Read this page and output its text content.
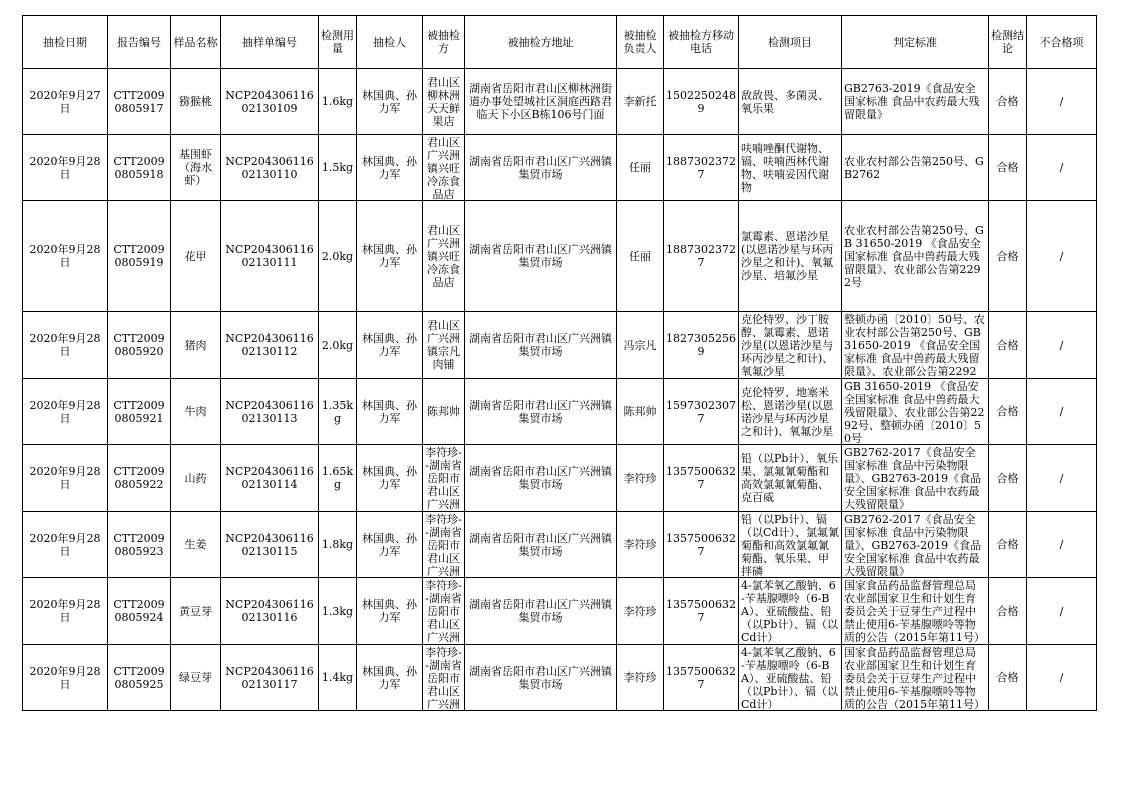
抽检日期	报告编号	样品名称	抽样单编号	检测用量	抽检人	被抽检方	被抽检方地址	被抽检负责人	被抽检方移动电话	检测项目	判定标准	检测结论	不合格项

2020年9月27日	CTT20090805917	猕猴桃	NCP20430611602130109	1.6kg	林国典、孙力军	君山区柳林洲天天鲜果店	湖南省岳阳市君山区柳林洲街道办事处望城社区洞庭西路君临天下小区B栋106号门面	李新托	15022502489	敌敌畏、多菌灵、氧乐果	GB2763-2019《食品安全国家标准 食品中农药最大残留限量》	合格	/

2020年9月28日	CTT20090805918	基围虾（海水虾）	NCP20430611602130110	1.5kg	林国典、孙力军	君山区广兴洲镇兴旺冷冻食品店	湖南省岳阳市君山区广兴洲镇集贸市场	任丽	18873023727	呋喃唑酮代谢物、镉、呋喃西林代谢物、呋喃妥因代谢物	农业农村部公告第250号、GB2762	合格	/

2020年9月28日	CTT20090805919	花甲	NCP20430611602130111	2.0kg	林国典、孙力军	君山区广兴洲镇兴旺冷冻食品店	湖南省岳阳市君山区广兴洲镇集贸市场	任丽	18873023727	氯霉素、恩诺沙星(以恩诺沙星与环丙沙星之和计)、氧氟沙星、培氟沙星	农业农村部公告第250号、GB 31650-2019 《食品安全国家标准 食品中兽药最大残留限量》、农业部公告第2292号	合格	/

2020年9月28日	CTT20090805920	猪肉	NCP20430611602130112	2.0kg	林国典、孙力军	君山区广兴洲镇宗凡肉铺	湖南省岳阳市君山区广兴洲镇集贸市场	冯宗凡	18273052569	克伦特罗、沙丁胺醇、氯霉素、恩诺沙星(以恩诺沙星与环丙沙星之和计)、氧氟沙星	整顿办函〔2010〕50号、农业农村部公告第250号、GB 31650-2019 《食品安全国家标准 食品中兽药最大残留限量》、农业部公告第2292	合格	/

2020年9月28日	CTT20090805921	牛肉	NCP20430611602130113	1.35kg	林国典、孙力军	陈邦帅	湖南省岳阳市君山区广兴洲镇集贸市场	陈邦帅	15973023077	克伦特罗、地塞米松、恩诺沙星(以恩诺沙星与环丙沙星之和计)、氧氟沙星	GB 31650-2019 《食品安全国家标准 食品中兽药最大残留限量》、农业部公告第2292号、整顿办函〔2010〕50号	合格	/

2020年9月28日	CTT20090805922	山药	NCP20430611602130114	1.65kg	林国典、孙力军	李符珍--湖南省岳阳市君山区广兴洲	湖南省岳阳市君山区广兴洲镇集贸市场	李符珍	13575006327	铅（以Pb计）、氧乐果、氯氟氰菊酯和高效氯氟氰菊酯、克百威	GB2762-2017《食品安全国家标准 食品中污染物限量》、GB2763-2019《食品安全国家标准 食品中农药最大残留限量》	合格	/

2020年9月28日	CTT20090805923	生姜	NCP20430611602130115	1.8kg	林国典、孙力军	李符珍--湖南省岳阳市君山区广兴洲	湖南省岳阳市君山区广兴洲镇集贸市场	李符珍	13575006327	铅（以Pb计）、镉（以Cd计）、氯氟氰菊酯和高效氯氟氰菊酯、氧乐果、甲拌磷	GB2762-2017《食品安全国家标准 食品中污染物限量》、GB2763-2019《食品安全国家标准 食品中农药最大残留限量》	合格	/

2020年9月28日	CTT20090805924	黄豆芽	NCP20430611602130116	1.3kg	林国典、孙力军	李符珍--湖南省岳阳市君山区广兴洲	湖南省岳阳市君山区广兴洲镇集贸市场	李符珍	13575006327	4-氯苯氧乙酸钠、6-苄基腺嘌呤（6-BA）、亚硫酸盐、铅（以Pb计）、镉（以Cd计）	国家食品药品监督管理总局农业部国家卫生和计划生育委员会关于豆芽生产过程中禁止使用6-苄基腺嘌呤等物质的公告（2015年第11号）	合格	/

2020年9月28日	CTT20090805925	绿豆芽	NCP20430611602130117	1.4kg	林国典、孙力军	李符珍--湖南省岳阳市君山区广兴洲	湖南省岳阳市君山区广兴洲镇集贸市场	李符珍	13575006327	4-氯苯氧乙酸钠、6-苄基腺嘌呤（6-BA）、亚硫酸盐、铅（以Pb计）、镉（以Cd计）	国家食品药品监督管理总局农业部国家卫生和计划生育委员会关于豆芽生产过程中禁止使用6-苄基腺嘌呤等物质的公告（2015年第11号）	合格	/
